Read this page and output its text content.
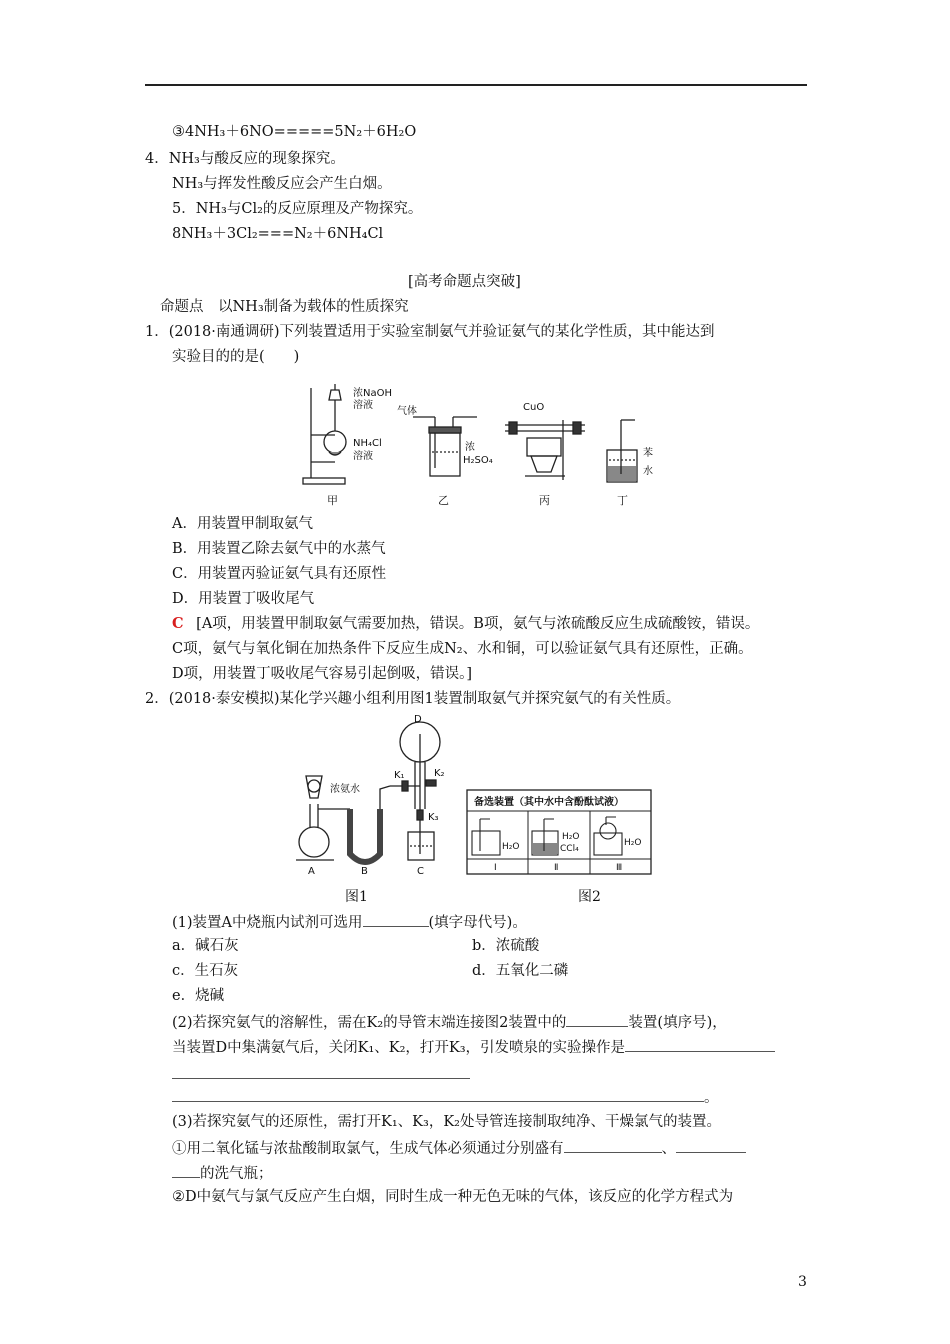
③4NH₃＋6NO=====5N₂＋6H₂O
4．NH₃与酸反应的现象探究。
NH₃与挥发性酸反应会产生白烟。
5．NH₃与Cl₂的反应原理及产物探究。
8NH₃＋3Cl₂===N₂＋6NH₄Cl
[高考命题点突破]
命题点　以NH₃制备为载体的性质探究
1．(2018·南通调研)下列装置适用于实验室制氨气并验证氨气的某化学性质，其中能达到
实验目的的是(　　)
浓NaOH
溶液
NH₄Cl
溶液
气体
浓
H₂SO₄
CuO
苯
水
甲	乙	丙	丁
A．用装置甲制取氨气
B．用装置乙除去氨气中的水蒸气
C．用装置丙验证氨气具有还原性
D．用装置丁吸收尾气
C [A项，用装置甲制取氨气需要加热，错误。B项，氨气与浓硫酸反应生成硫酸铵，错误。
C项，氨气与氧化铜在加热条件下反应生成N₂、水和铜，可以验证氨气具有还原性，正确。
D项，用装置丁吸收尾气容易引起倒吸，错误。]
2．(2018·泰安模拟)某化学兴趣小组利用图1装置制取氨气并探究氨气的有关性质。
D
浓氨水
K₁	K₂
K₃
A	B	C
备选装置（其中水中含酚酞试液）
H₂O
H₂O
CCl₄
H₂O
Ⅰ	Ⅱ	Ⅲ
图1	图2
(1)装置A中烧瓶内试剂可选用	(填字母代号)。
a．碱石灰	b．浓硫酸
c．生石灰	d．五氧化二磷
e．烧碱
(2)若探究氨气的溶解性，需在K₂的导管末端连接图2装置中的	装置(填序号)，
当装置D中集满氨气后，关闭K₁、K₂，打开K₃，引发喷泉的实验操作是
。
(3)若探究氨气的还原性，需打开K₁、K₃，K₂处导管连接制取纯净、干燥氯气的装置。
①用二氧化锰与浓盐酸制取氯气，生成气体必须通过分别盛有	、
的洗气瓶；
②D中氨气与氯气反应产生白烟，同时生成一种无色无味的气体，该反应的化学方程式为
3
